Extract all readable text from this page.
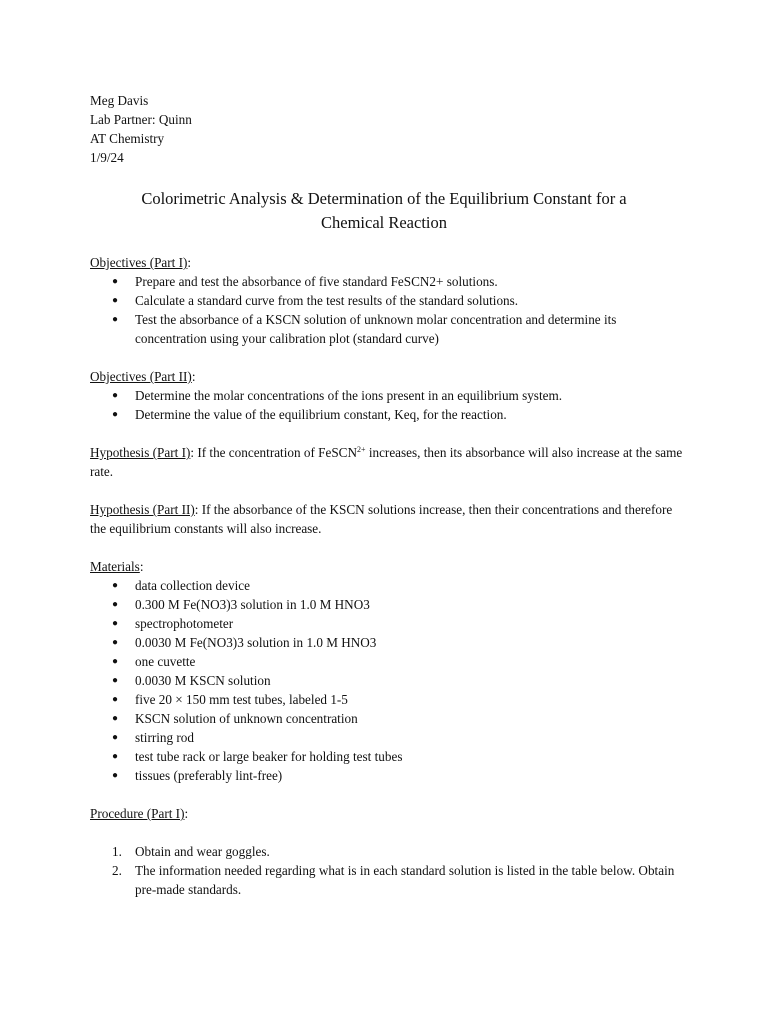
Meg Davis

Lab Partner: Quinn

AT Chemistry

1/9/24

Colorimetric Analysis & Determination of the Equilibrium Constant for a

Chemical Reaction

Objectives (Part I):

● Prepare and test the absorbance of five standard FeSCN2+ solutions.
● Calculate a standard curve from the test results of the standard solutions.
● Test the absorbance of a KSCN solution of unknown molar concentration and determine its concentration using your calibration plot (standard curve)

Objectives (Part II):

● Determine the molar concentrations of the ions present in an equilibrium system.
● Determine the value of the equilibrium constant, Keq, for the reaction.

Hypothesis (Part I): If the concentration of FeSCN$^{2+}$ increases, then its absorbance will also increase at the same rate.

Hypothesis (Part II): If the absorbance of the KSCN solutions increase, then their concentrations and therefore the equilibrium constants will also increase.

Materials:

● data collection device
● 0.300 M Fe(NO3)3 solution in 1.0 M HNO3
● spectrophotometer
● 0.0030 M Fe(NO3)3 solution in 1.0 M HNO3
● one cuvette
● 0.0030 M KSCN solution
● five 20 × 150 mm test tubes, labeled 1-5
● KSCN solution of unknown concentration
● stirring rod
● test tube rack or large beaker for holding test tubes
● tissues (preferably lint-free)

Procedure (Part I):

1. Obtain and wear goggles.
2. The information needed regarding what is in each standard solution is listed in the table below. Obtain pre-made standards.
